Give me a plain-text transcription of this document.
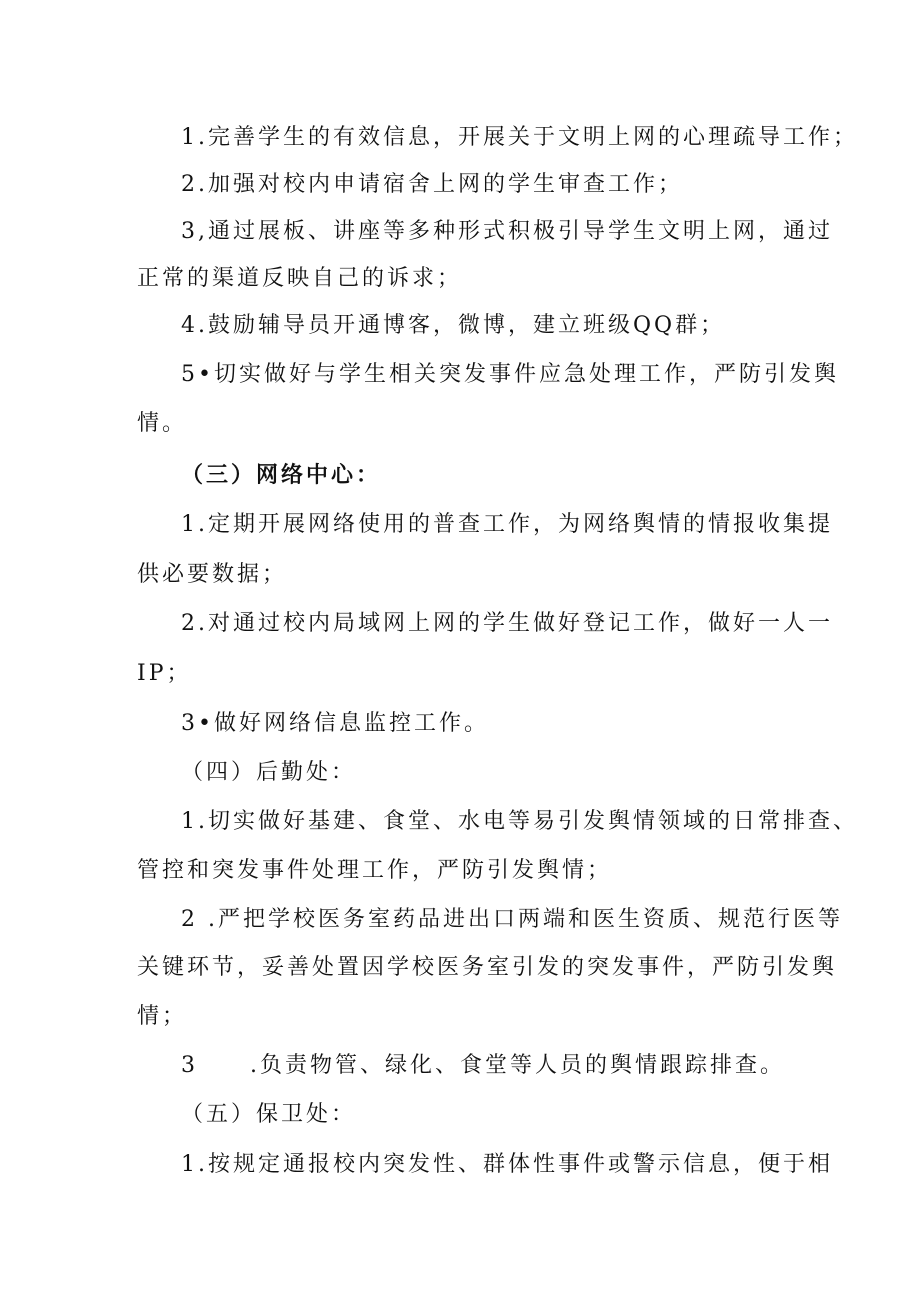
1.完善学生的有效信息，开展关于文明上网的心理疏导工作；
2.加强对校内申请宿舍上网的学生审查工作；
3,通过展板、讲座等多种形式积极引导学生文明上网，通过
正常的渠道反映自己的诉求；
4.鼓励辅导员开通博客，微博，建立班级QQ群；
5•切实做好与学生相关突发事件应急处理工作，严防引发舆
情。
（三）网络中心：
1.定期开展网络使用的普查工作，为网络舆情的情报收集提
供必要数据；
2.对通过校内局域网上网的学生做好登记工作，做好一人一
IP；
3•做好网络信息监控工作。
（四）后勤处：
1.切实做好基建、食堂、水电等易引发舆情领域的日常排查、
管控和突发事件处理工作，严防引发舆情；
2 .严把学校医务室药品进出口两端和医生资质、规范行医等
关键环节，妥善处置因学校医务室引发的突发事件，严防引发舆
情；
3 .负责物管、绿化、食堂等人员的舆情跟踪排查。
（五）保卫处：
1.按规定通报校内突发性、群体性事件或警示信息，便于相
